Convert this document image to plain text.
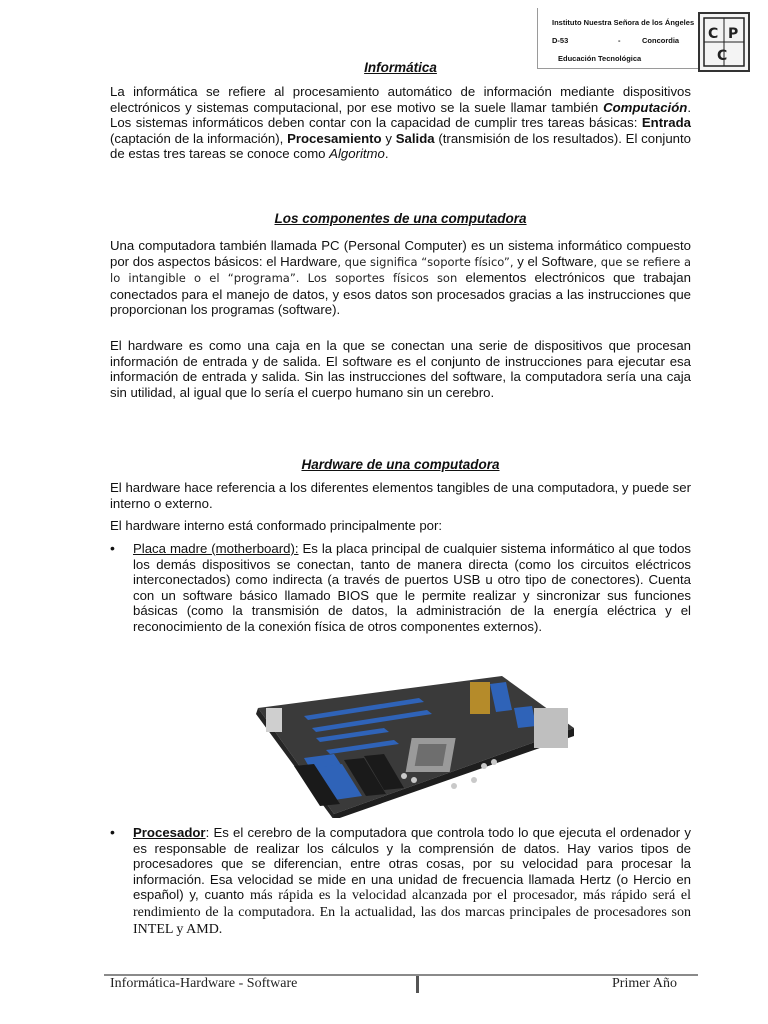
Instituto Nuestra Señora de los Ángeles
D-53	-	Concordia
Educación Tecnológica
C P
C
Informática

La informática se refiere al procesamiento automático de información mediante dispositivos electrónicos y sistemas computacional, por ese motivo se la suele llamar también Computación. Los sistemas informáticos deben contar con la capacidad de cumplir tres tareas básicas: Entrada (captación de la información), Procesamiento y Salida (transmisión de los resultados). El conjunto de estas tres tareas se conoce como Algoritmo.

Los componentes de una computadora

Una computadora también llamada PC (Personal Computer) es un sistema informático compuesto por dos aspectos básicos: el Hardware, que significa “soporte físico”, y el Software, que se refiere a lo intangible o el “programa”. Los soportes físicos son elementos electrónicos que trabajan conectados para el manejo de datos, y esos datos son procesados gracias a las instrucciones que proporcionan los programas (software).

El hardware es como una caja en la que se conectan una serie de dispositivos que procesan información de entrada y de salida. El software es el conjunto de instrucciones para ejecutar esa información de entrada y salida. Sin las instrucciones del software, la computadora sería una caja sin utilidad, al igual que lo sería el cuerpo humano sin un cerebro.

Hardware de una computadora

El hardware hace referencia a los diferentes elementos tangibles de una computadora, y puede ser interno o externo.

El hardware interno está conformado principalmente por:

• Placa madre (motherboard): Es la placa principal de cualquier sistema informático al que todos los demás dispositivos se conectan, tanto de manera directa (como los circuitos eléctricos interconectados) como indirecta (a través de puertos USB u otro tipo de conectores). Cuenta con un software básico llamado BIOS que le permite realizar y sincronizar sus funciones básicas (como la transmisión de datos, la administración de la energía eléctrica y el reconocimiento de la conexión física de otros componentes externos).

• Procesador: Es el cerebro de la computadora que controla todo lo que ejecuta el ordenador y es responsable de realizar los cálculos y la comprensión de datos. Hay varios tipos de procesadores que se diferencian, entre otras cosas, por su velocidad para procesar la información. Esa velocidad se mide en una unidad de frecuencia llamada Hertz (o Hercio en español) y, cuanto más rápida es la velocidad alcanzada por el procesador, más rápido será el rendimiento de la computadora. En la actualidad, las dos marcas principales de procesadores son INTEL y AMD.

Informática-Hardware - Software	Primer Año
